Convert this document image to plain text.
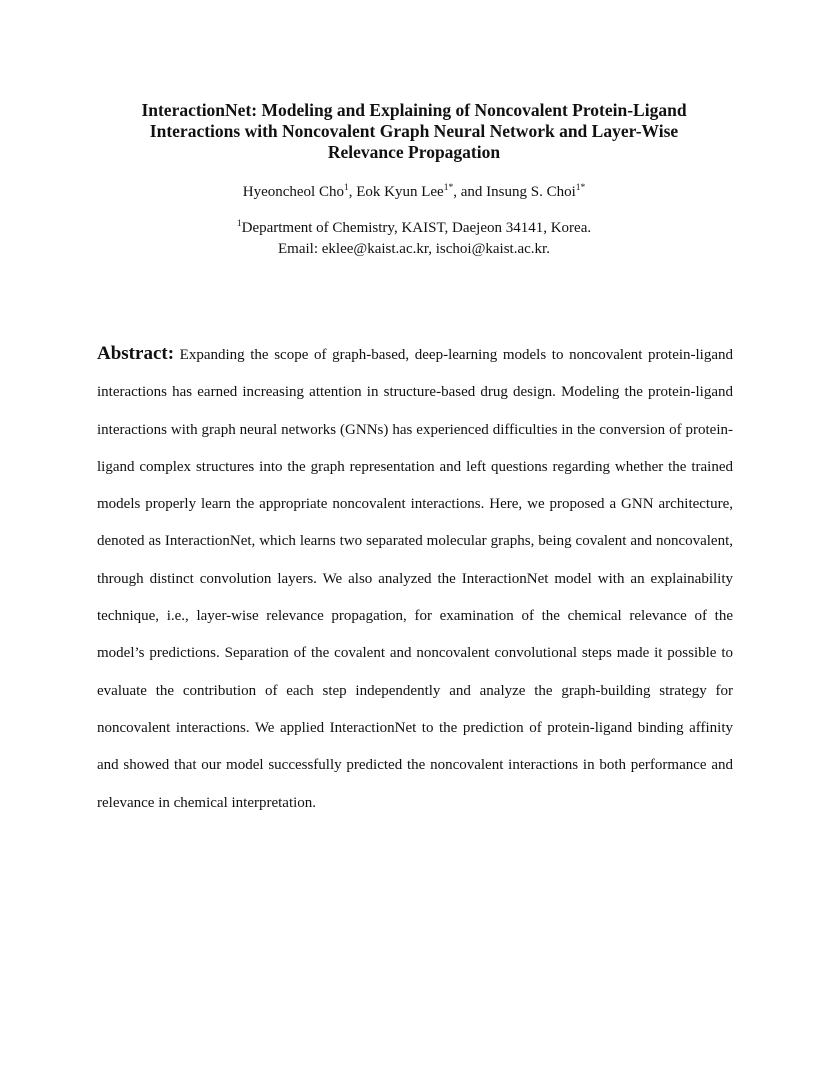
InteractionNet: Modeling and Explaining of Noncovalent Protein-Ligand
Interactions with Noncovalent Graph Neural Network and Layer-Wise
Relevance Propagation
Hyeoncheol Cho$^1$, Eok Kyun Lee$^{1*}$, and Insung S. Choi$^{1*}$
$^1$Department of Chemistry, KAIST, Daejeon 34141, Korea.
Email: eklee@kaist.ac.kr, ischoi@kaist.ac.kr.
Abstract: Expanding the scope of graph-based, deep-learning models to noncovalent protein-ligand interactions has earned increasing attention in structure-based drug design. Modeling the protein-ligand interactions with graph neural networks (GNNs) has experienced difficulties in the conversion of protein-ligand complex structures into the graph representation and left questions regarding whether the trained models properly learn the appropriate noncovalent interactions. Here, we proposed a GNN architecture, denoted as InteractionNet, which learns two separated molecular graphs, being covalent and noncovalent, through distinct convolution layers. We also analyzed the InteractionNet model with an explainability technique, i.e., layer-wise relevance propagation, for examination of the chemical relevance of the model’s predictions. Separation of the covalent and noncovalent convolutional steps made it possible to evaluate the contribution of each step independently and analyze the graph-building strategy for noncovalent interactions. We applied InteractionNet to the prediction of protein-ligand binding affinity and showed that our model successfully predicted the noncovalent interactions in both performance and relevance in chemical interpretation.
